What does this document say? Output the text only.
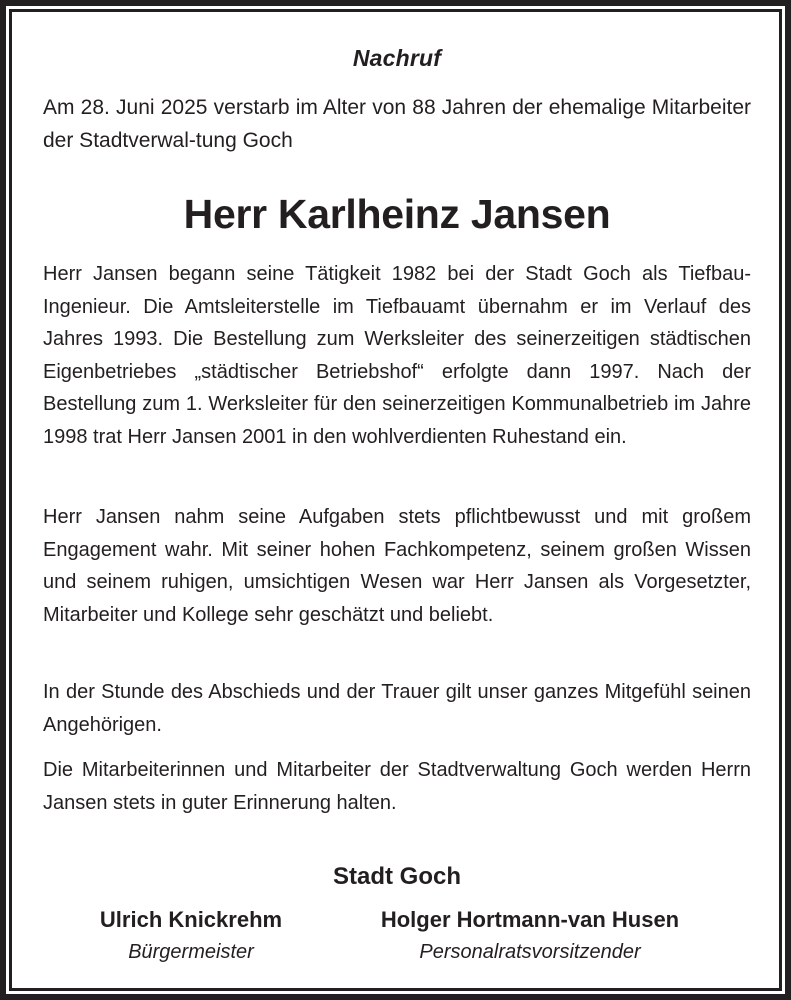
Nachruf
Am 28. Juni 2025 verstarb im Alter von 88 Jahren der ehemalige Mitarbeiter der Stadtverwal-tung Goch
Herr Karlheinz Jansen
Herr Jansen begann seine Tätigkeit 1982 bei der Stadt Goch als Tiefbau-Ingenieur. Die Amtsleiterstelle im Tiefbauamt übernahm er im Verlauf des Jahres 1993. Die Bestellung zum Werksleiter des seinerzeitigen städtischen Eigenbetriebes „städtischer Betriebshof“ erfolgte dann 1997. Nach der Bestellung zum 1. Werksleiter für den seinerzeitigen Kommunalbetrieb im Jahre 1998 trat Herr Jansen 2001 in den wohlverdienten Ruhestand ein.
Herr Jansen nahm seine Aufgaben stets pflichtbewusst und mit großem Engagement wahr. Mit seiner hohen Fachkompetenz, seinem großen Wissen und seinem ruhigen, umsichtigen Wesen war Herr Jansen als Vorgesetzter, Mitarbeiter und Kollege sehr geschätzt und beliebt.
In der Stunde des Abschieds und der Trauer gilt unser ganzes Mitgefühl seinen Angehörigen.
Die Mitarbeiterinnen und Mitarbeiter der Stadtverwaltung Goch werden Herrn Jansen stets in guter Erinnerung halten.
Stadt Goch
Ulrich Knickrehm
Bürgermeister
Holger Hortmann-van Husen
Personalratsvorsitzender
